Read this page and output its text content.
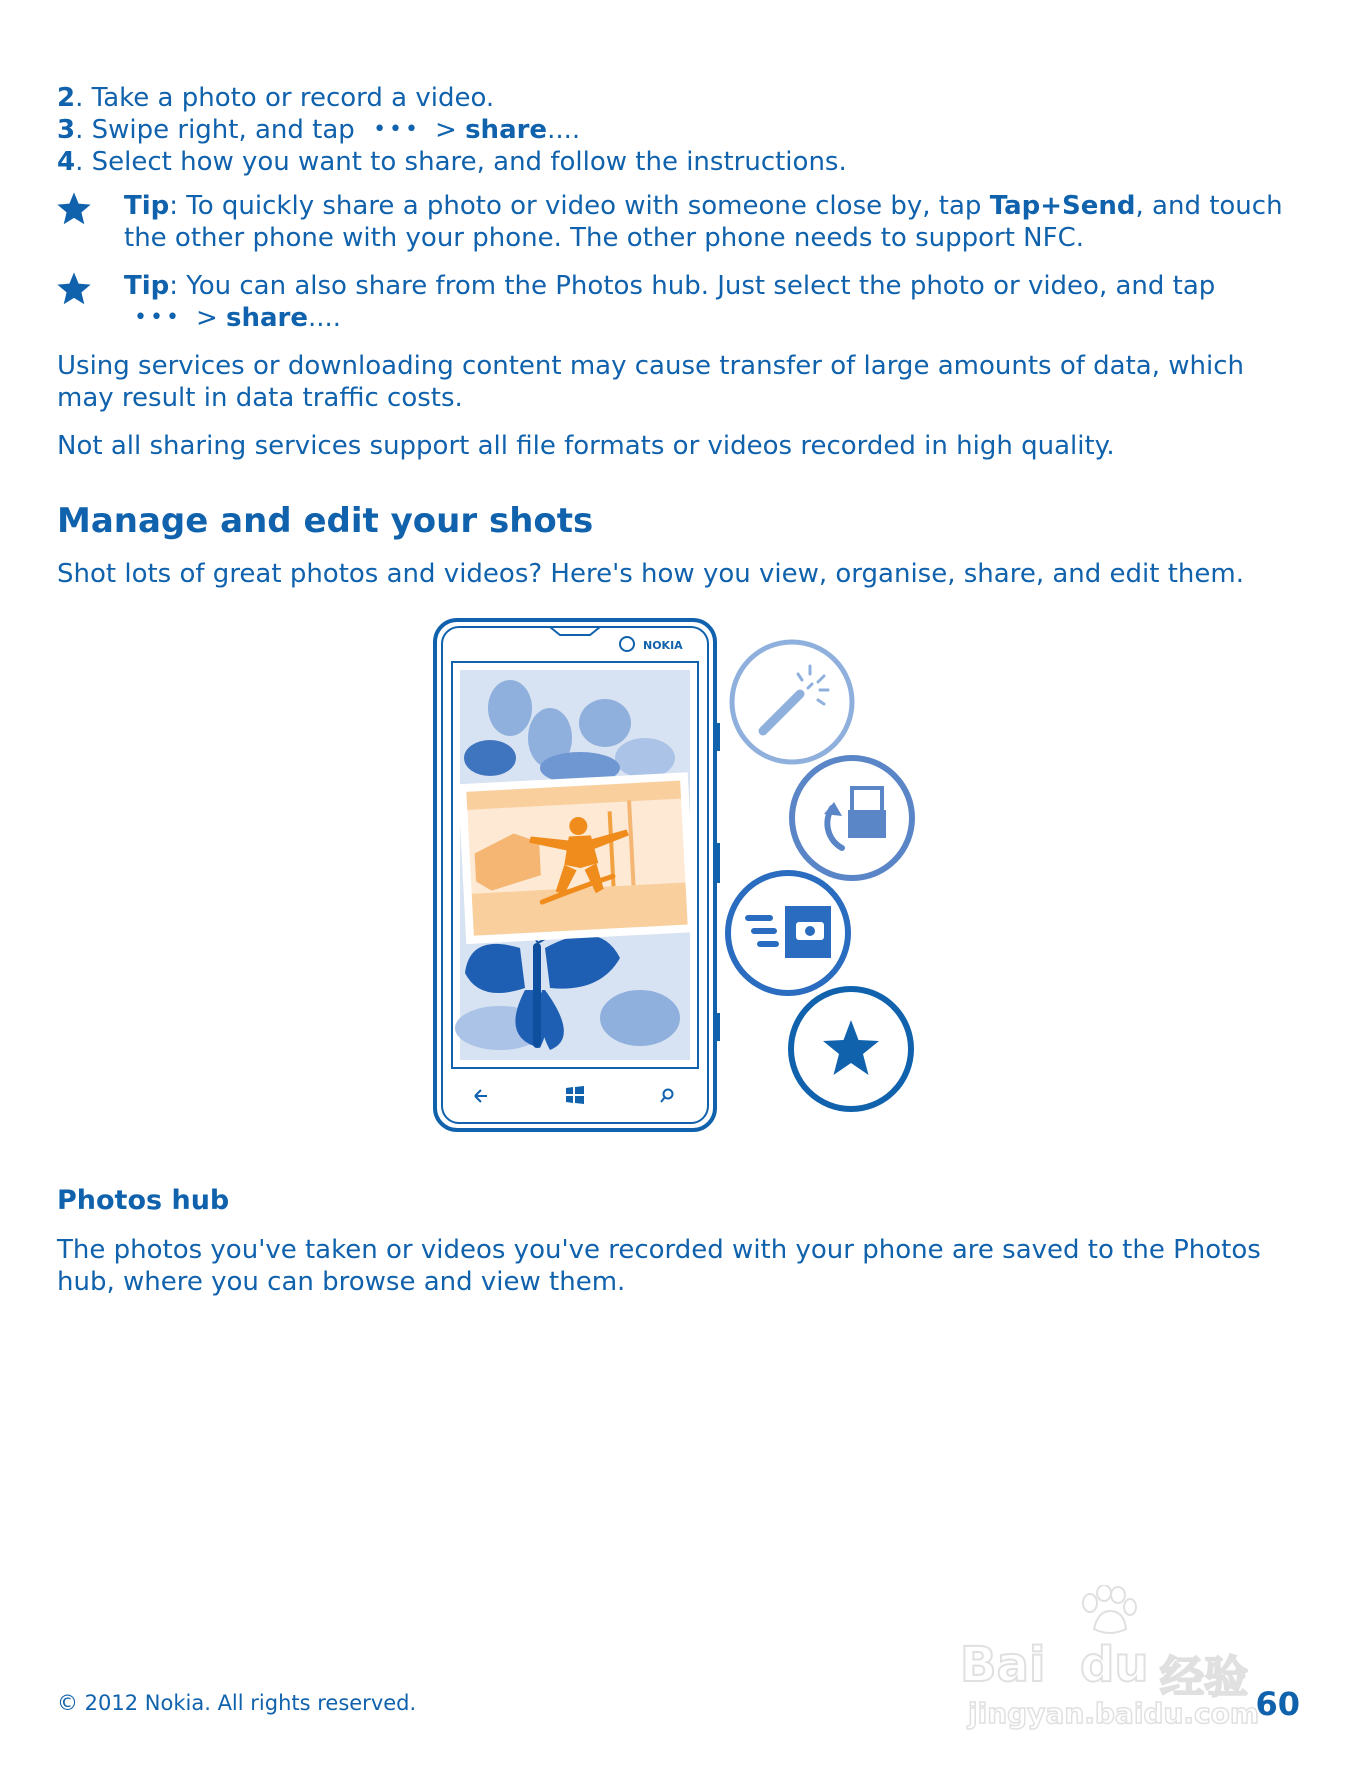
2. Take a photo or record a video.
3. Swipe right, and tap ••• > share....
4. Select how you want to share, and follow the instructions.
Tip: To quickly share a photo or video with someone close by, tap Tap+Send, and touch the other phone with your phone. The other phone needs to support NFC.
Tip: You can also share from the Photos hub. Just select the photo or video, and tap ••• > share....
Using services or downloading content may cause transfer of large amounts of data, which may result in data traffic costs.
Not all sharing services support all file formats or videos recorded in high quality.
Manage and edit your shots
Shot lots of great photos and videos? Here's how you view, organise, share, and edit them.
NOKIA
Photos hub
The photos you've taken or videos you've recorded with your phone are saved to the Photos hub, where you can browse and view them.
Bai du 经验
jingyan.baidu.com
© 2012 Nokia. All rights reserved.	60
